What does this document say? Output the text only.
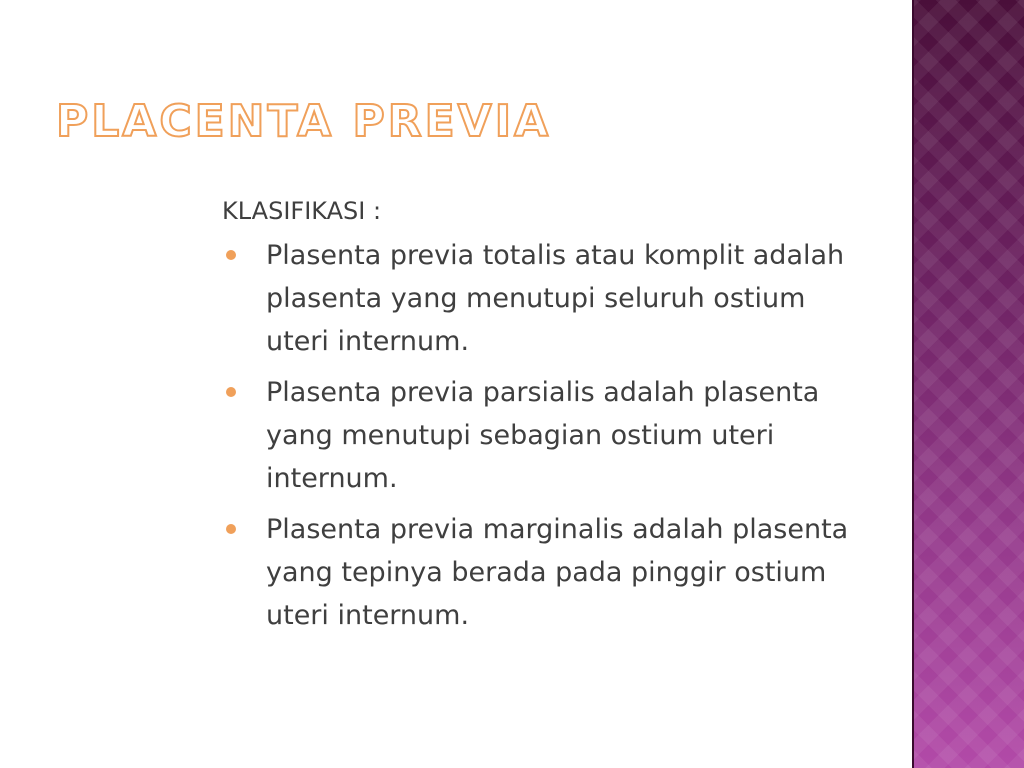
PLACENTA PREVIA
KLASIFIKASI :
Plasenta previa totalis atau komplit adalah plasenta yang menutupi seluruh ostium uteri internum.
Plasenta previa parsialis adalah plasenta yang menutupi sebagian ostium uteri internum.
Plasenta previa marginalis adalah plasenta yang tepinya berada pada pinggir ostium uteri internum.
